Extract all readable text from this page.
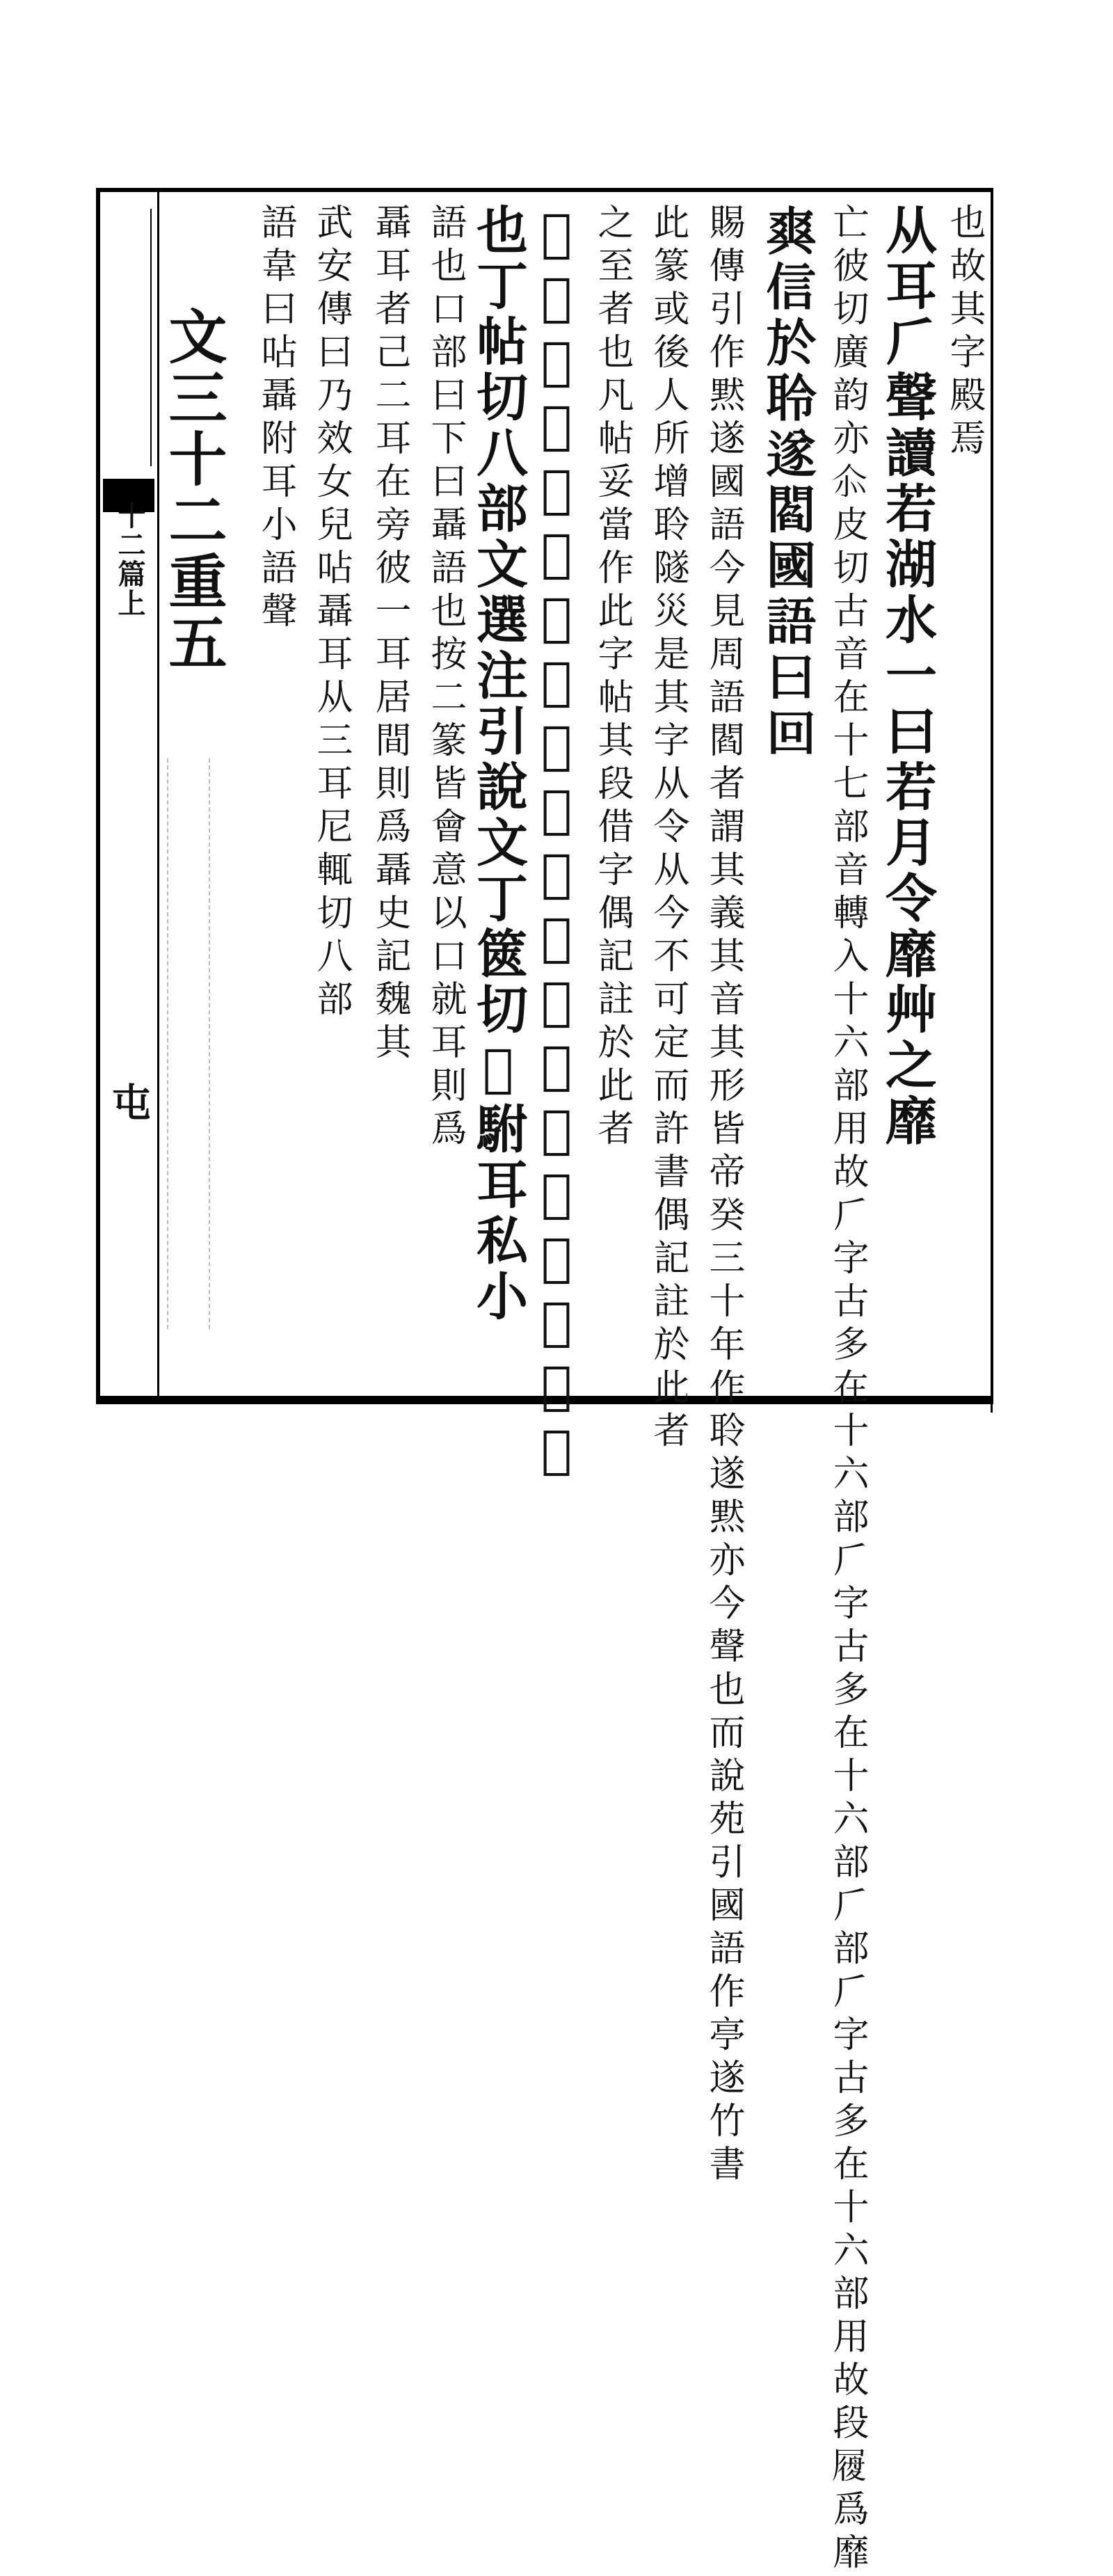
十二篇上
屯
也故其字殿焉
从耳𠂆聲讀若湖水一曰若月令靡艸之靡
亡彼切廣韵亦𠇍皮切古音在十七部音轉入十六部用故𠂆字古多在十六部𠂆字古多在十六部𠂆部𠂆字古多在十六部用故段𡳐爲靡
𤕤信於聆遂閻國語曰回
賜傳引作黙遂國語今見周語閻者謂其義其音其形皆帝癸三十年作聆遂黙亦今聲也而說苑引國語作亭遂竹書
此篆或後人所增聆隧災是其字从令从今不可定而許書偶記註於此者
之至者也凡帖妥當作此字帖其段借字偶記註於此者
𦖞安也長笛賦曰𠂇二耳會意二耳之在人首帖妥
也丁帖切八部文選注引說文丁篋切𦖞駙耳私小
語也口部曰下曰聶語也按二篆皆會意以口就耳則爲
聶耳者己二耳在旁彼一耳居間則爲聶史記魏其
武安傳曰乃效女兒呫聶耳从三耳尼輒切八部
語韋曰呫聶附耳小語聲
文三十二重五
